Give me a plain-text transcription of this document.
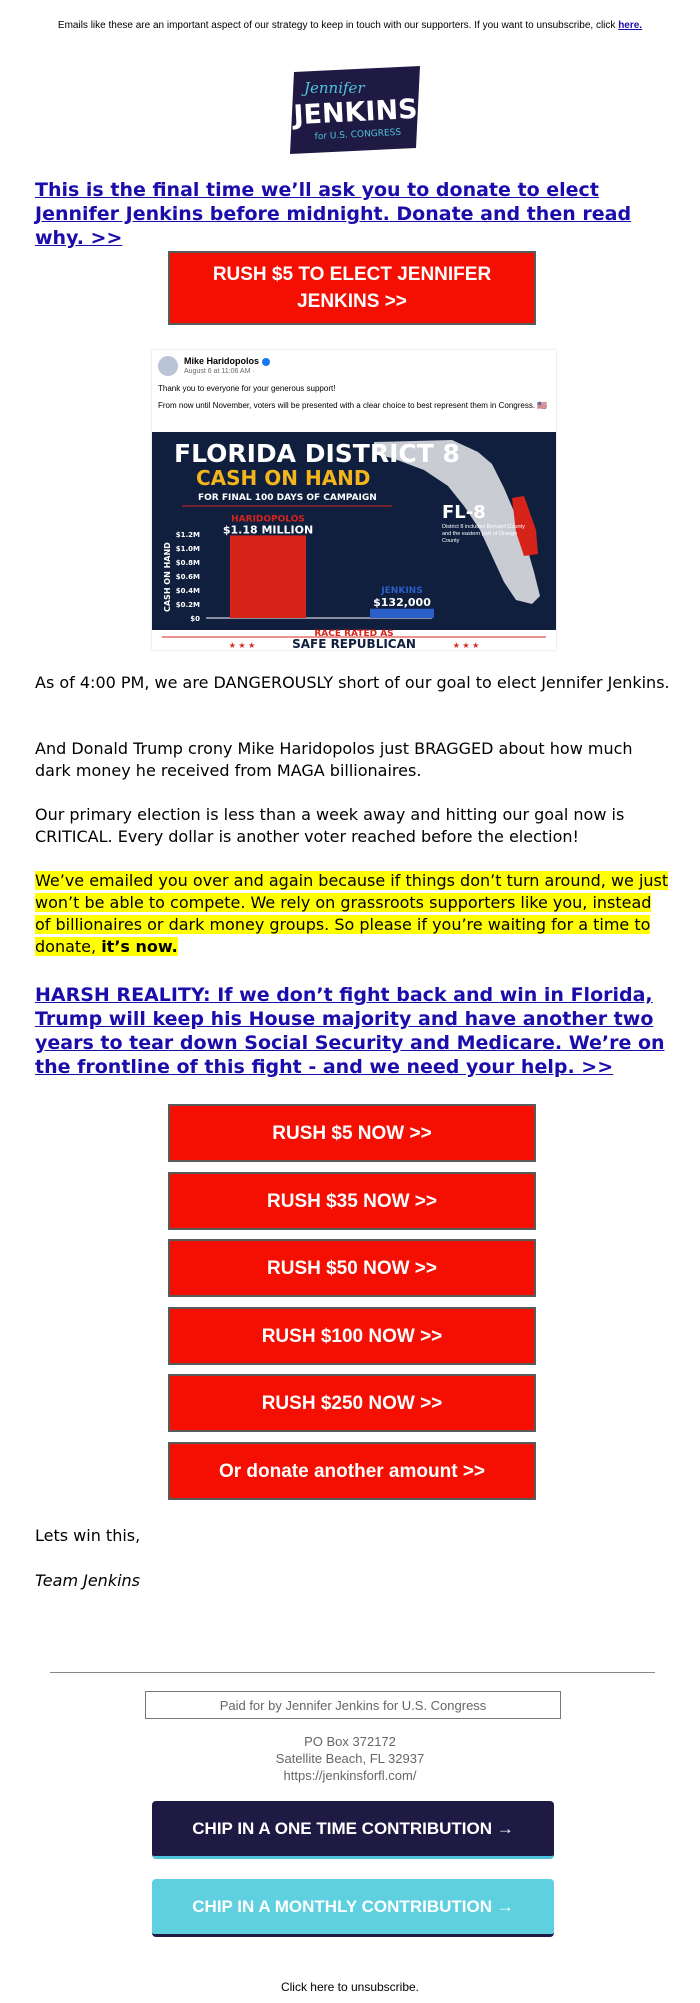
Emails like these are an important aspect of our strategy to keep in touch with our supporters. If you want to unsubscribe, click here.
Jennifer
JENKINS
for U.S. CONGRESS
This is the final time we’ll ask you to donate to elect Jennifer Jenkins before midnight. Donate and then read why. >>
RUSH $5 TO ELECT JENNIFER JENKINS >>
Mike Haridopolos
August 6 at 11:06 AM ·
Thank you to everyone for your generous support!
From now until November, voters will be presented with a clear choice to best represent them in Congress. 🇺🇸
FLORIDA DISTRICT 8
CASH ON HAND
FOR FINAL 100 DAYS OF CAMPAIGN
CASH ON HAND
$1.2M
$1.0M
$0.8M
$0.6M
$0.4M
$0.2M
$0
HARIDOPOLOS
$1.18 MILLION
JENKINS
$132,000
FL-8
District 8 includes Brevard County and the eastern part of Orange County
RACE RATED AS
★ ★ ★	SAFE REPUBLICAN	★ ★ ★
As of 4:00 PM, we are DANGEROUSLY short of our goal to elect Jennifer Jenkins.
And Donald Trump crony Mike Haridopolos just BRAGGED about how much dark money he received from MAGA billionaires.
Our primary election is less than a week away and hitting our goal now is CRITICAL. Every dollar is another voter reached before the election!
We’ve emailed you over and again because if things don’t turn around, we just won’t be able to compete. We rely on grassroots supporters like you, instead of billionaires or dark money groups. So please if you’re waiting for a time to donate, it’s now.
HARSH REALITY: If we don’t fight back and win in Florida, Trump will keep his House majority and have another two years to tear down Social Security and Medicare. We’re on the frontline of this fight - and we need your help. >>
RUSH $5 NOW >>
RUSH $35 NOW >>
RUSH $50 NOW >>
RUSH $100 NOW >>
RUSH $250 NOW >>
Or donate another amount >>
Lets win this,
Team Jenkins
Paid for by Jennifer Jenkins for U.S. Congress
PO Box 372172
Satellite Beach, FL 32937
https://jenkinsforfl.com/
CHIP IN A ONE TIME CONTRIBUTION →
CHIP IN A MONTHLY CONTRIBUTION →
Click here to unsubscribe.
